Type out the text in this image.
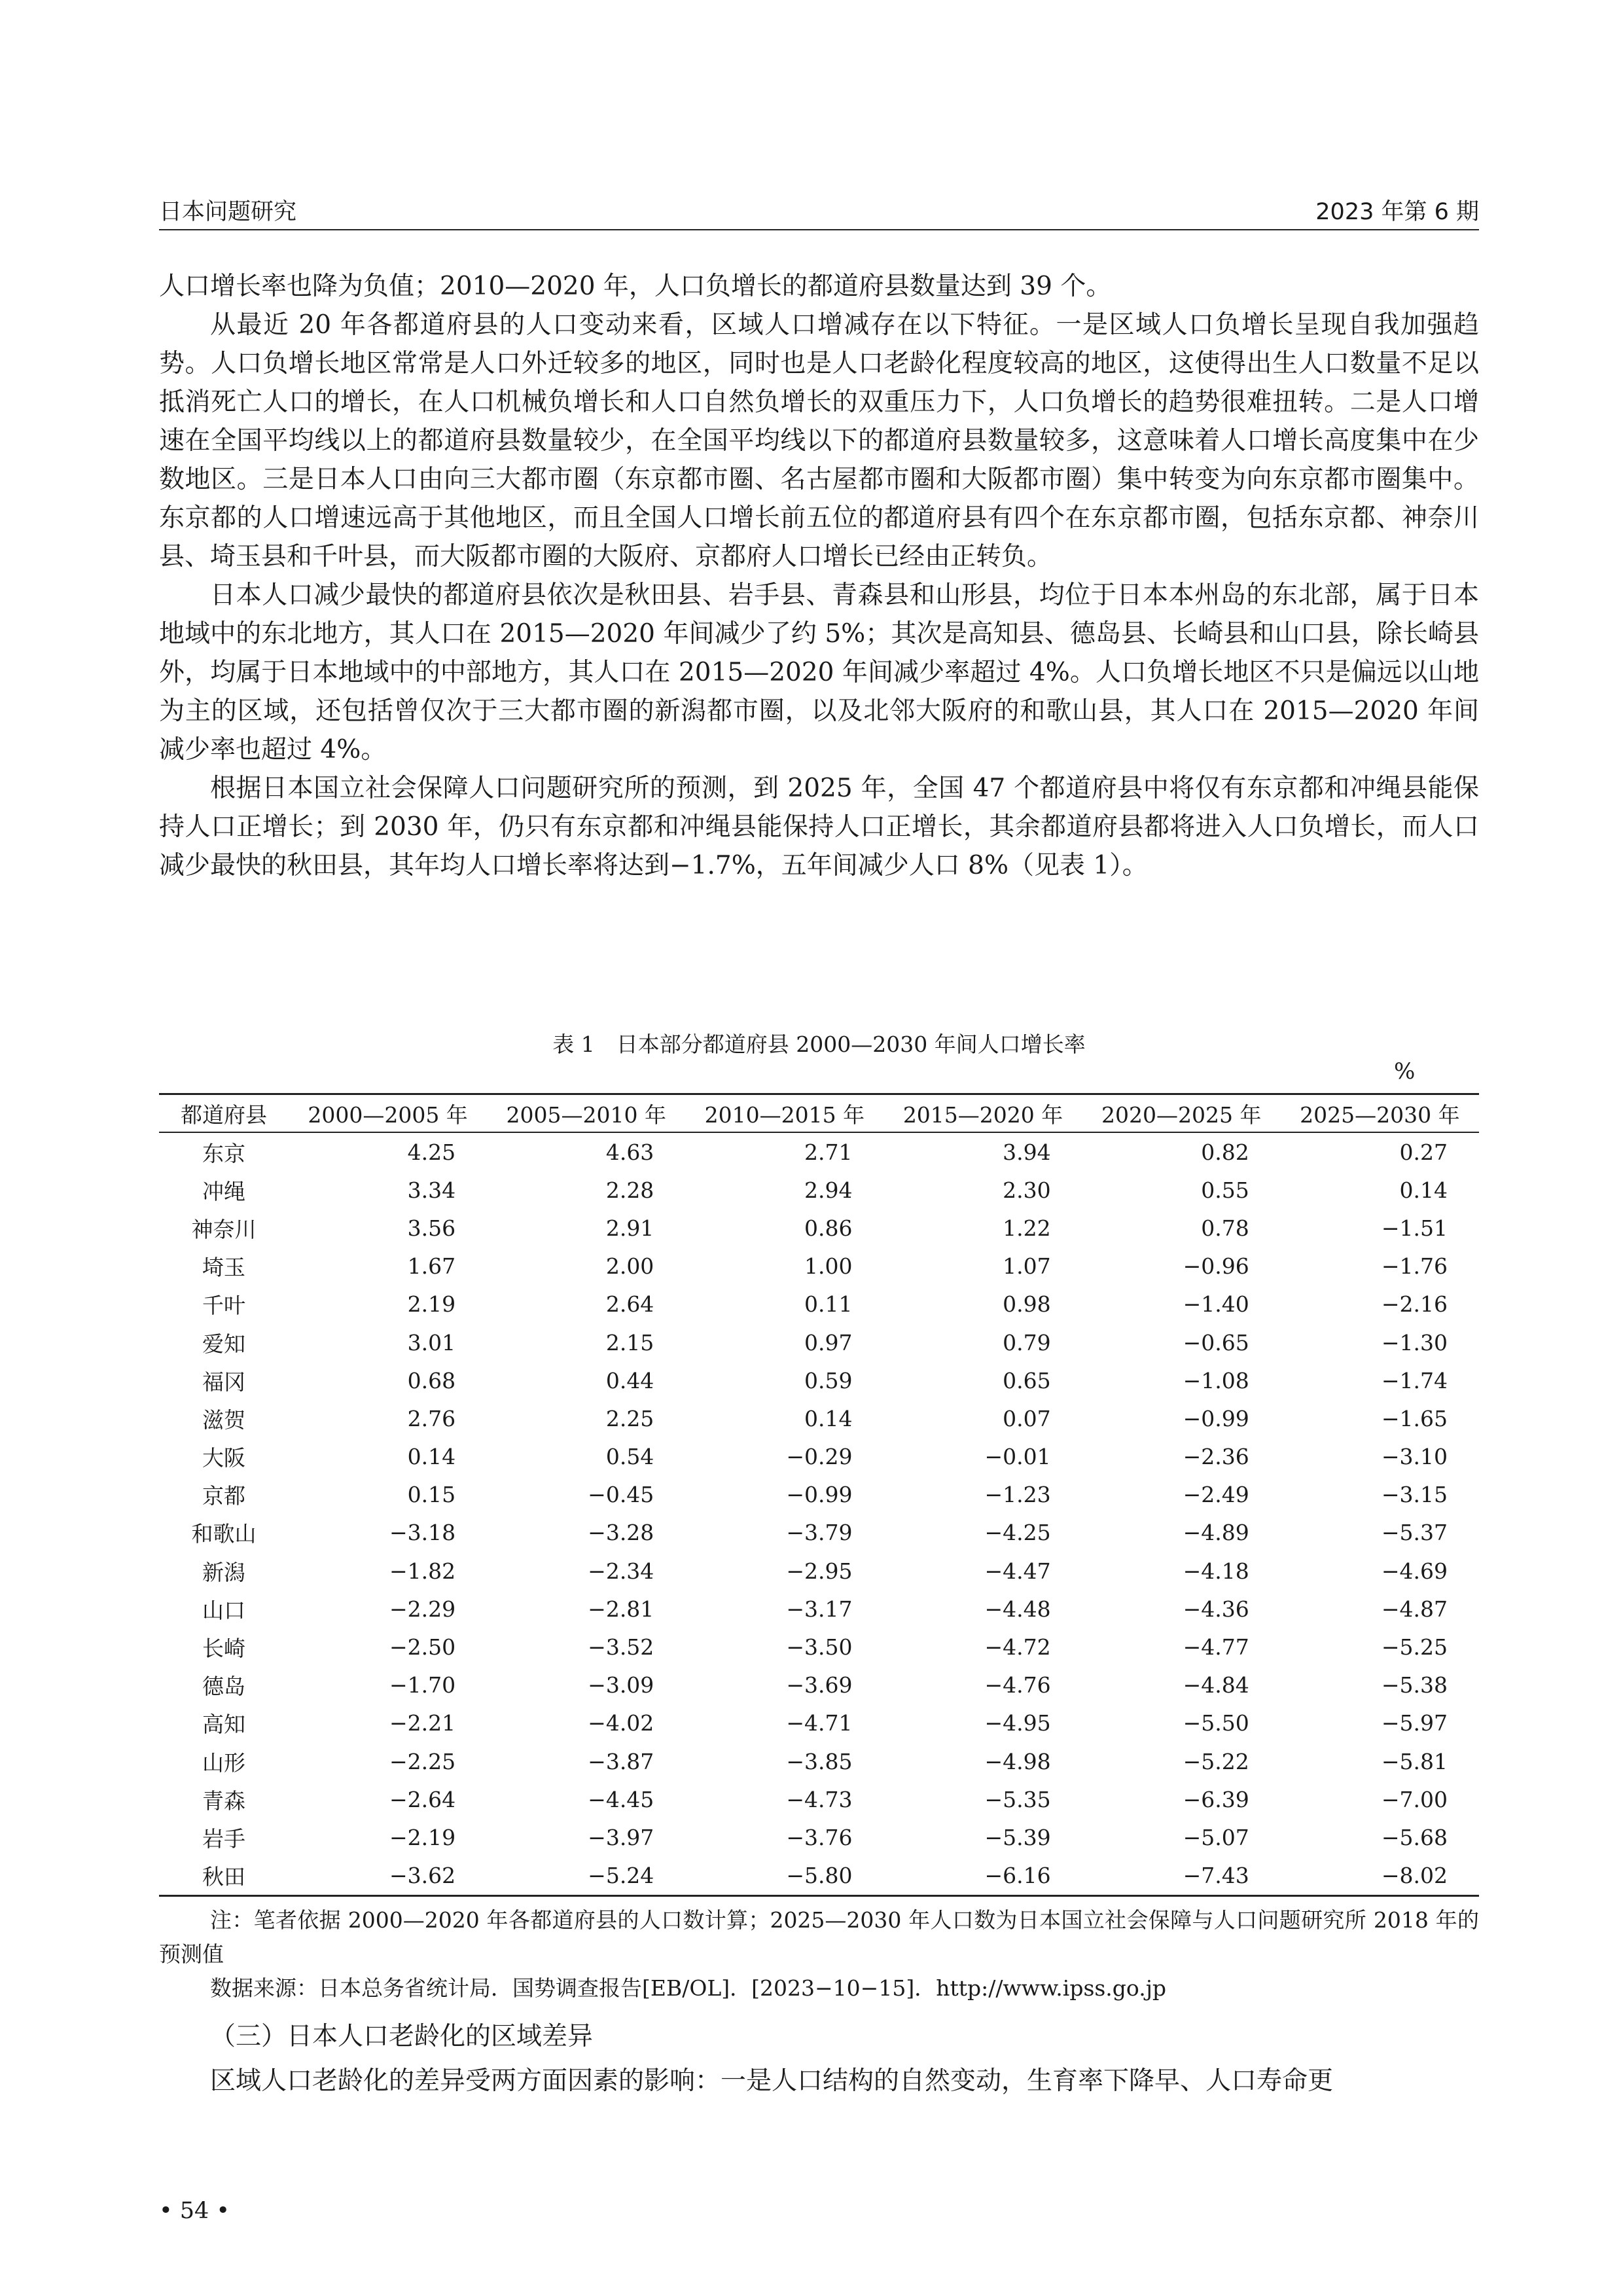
日本问题研究	2023 年第 6 期

人口增长率也降为负值；2010—2020 年，人口负增长的都道府县数量达到 39 个。

从最近 20 年各都道府县的人口变动来看，区域人口增减存在以下特征。一是区域人口负增长呈现自我加强趋势。人口负增长地区常常是人口外迁较多的地区，同时也是人口老龄化程度较高的地区，这使得出生人口数量不足以抵消死亡人口的增长，在人口机械负增长和人口自然负增长的双重压力下，人口负增长的趋势很难扭转。二是人口增速在全国平均线以上的都道府县数量较少，在全国平均线以下的都道府县数量较多，这意味着人口增长高度集中在少数地区。三是日本人口由向三大都市圈（东京都市圈、名古屋都市圈和大阪都市圈）集中转变为向东京都市圈集中。东京都的人口增速远高于其他地区，而且全国人口增长前五位的都道府县有四个在东京都市圈，包括东京都、神奈川县、埼玉县和千叶县，而大阪都市圈的大阪府、京都府人口增长已经由正转负。

日本人口减少最快的都道府县依次是秋田县、岩手县、青森县和山形县，均位于日本本州岛的东北部，属于日本地域中的东北地方，其人口在 2015—2020 年间减少了约 5%；其次是高知县、德岛县、长崎县和山口县，除长崎县外，均属于日本地域中的中部地方，其人口在 2015—2020 年间减少率超过 4%。人口负增长地区不只是偏远以山地为主的区域，还包括曾仅次于三大都市圈的新潟都市圈，以及北邻大阪府的和歌山县，其人口在 2015—2020 年间减少率也超过 4%。

根据日本国立社会保障人口问题研究所的预测，到 2025 年，全国 47 个都道府县中将仅有东京都和冲绳县能保持人口正增长；到 2030 年，仍只有东京都和冲绳县能保持人口正增长，其余都道府县都将进入人口负增长，而人口减少最快的秋田县，其年均人口增长率将达到−1.7%，五年间减少人口 8%（见表 1）。

表 1　日本部分都道府县 2000—2030 年间人口增长率
%
都道府县	2000—2005 年	2005—2010 年	2010—2015 年	2015—2020 年	2020—2025 年	2025—2030 年
东京	4.25	4.63	2.71	3.94	0.82	0.27
冲绳	3.34	2.28	2.94	2.30	0.55	0.14
神奈川	3.56	2.91	0.86	1.22	0.78	−1.51
埼玉	1.67	2.00	1.00	1.07	−0.96	−1.76
千叶	2.19	2.64	0.11	0.98	−1.40	−2.16
爱知	3.01	2.15	0.97	0.79	−0.65	−1.30
福冈	0.68	0.44	0.59	0.65	−1.08	−1.74
滋贺	2.76	2.25	0.14	0.07	−0.99	−1.65
大阪	0.14	0.54	−0.29	−0.01	−2.36	−3.10
京都	0.15	−0.45	−0.99	−1.23	−2.49	−3.15
和歌山	−3.18	−3.28	−3.79	−4.25	−4.89	−5.37
新潟	−1.82	−2.34	−2.95	−4.47	−4.18	−4.69
山口	−2.29	−2.81	−3.17	−4.48	−4.36	−4.87
长崎	−2.50	−3.52	−3.50	−4.72	−4.77	−5.25
德岛	−1.70	−3.09	−3.69	−4.76	−4.84	−5.38
高知	−2.21	−4.02	−4.71	−4.95	−5.50	−5.97
山形	−2.25	−3.87	−3.85	−4.98	−5.22	−5.81
青森	−2.64	−4.45	−4.73	−5.35	−6.39	−7.00
岩手	−2.19	−3.97	−3.76	−5.39	−5.07	−5.68
秋田	−3.62	−5.24	−5.80	−6.16	−7.43	−8.02

注：笔者依据 2000—2020 年各都道府县的人口数计算；2025—2030 年人口数为日本国立社会保障与人口问题研究所 2018 年的预测值

数据来源：日本总务省统计局．国势调查报告[EB/OL]．[2023−10−15]．http://www.ipss.go.jp

（三）日本人口老龄化的区域差异
区域人口老龄化的差异受两方面因素的影响：一是人口结构的自然变动，生育率下降早、人口寿命更
• 54 •
